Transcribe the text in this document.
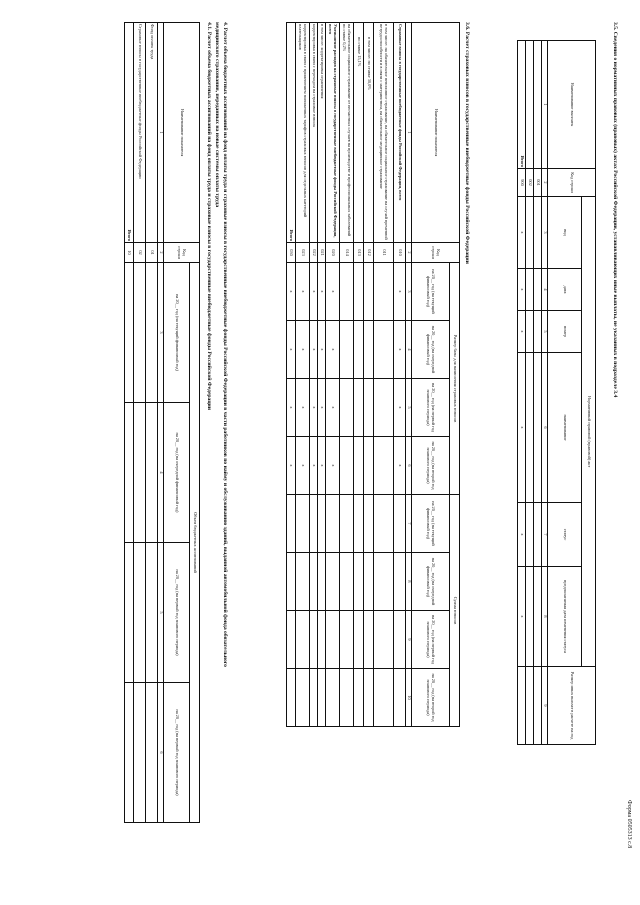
Форма 0505313 с.8
3.5. Сведения о нормативных правовых (правовых) актах Российской Федерации, устанавливающих иные выплаты, не указанных в подразделе 3.4
Наименование выплаты
Код строки
Нормативный правовой (правовой) акт
Размер иных выплат в расчете на год
вид
дата
номер
наименование
статус
предполагаемая дата изменения статуса
1
2
3
4
5
6
7
8
9
001
002
Итого
900
x
x
x
x
x
x
3.6. Расчет страховых взносов в государственные внебюджетные фонды Российской Федерации
Наименование показателя
Код строки
Размер базы для начисления страховых взносов
Сумма взносов
на 20__ год (на текущий финансовый год)
на 20__ год (на очередной финансовый год)
на 20__ год (на первый год планового периода)
на 20__ год (на второй год планового периода)
на 20__ год (на текущий финансовый год)
на 20__ год (на очередной финансовый год)
на 20__ год (на первый год планового периода)
на 20__ год (на второй год планового периода)
1
2
3
4
5
6
7
8
9
10
Страховые взносы в государственные внебюджетные фонды Российской Федерации, всего
010
x
x
x
x
в том числе: на обязательное пенсионное страхование, на обязательное социальное страхование на случай временной нетрудоспособности и в связи с материнством, на обязательное медицинское страхование
011
в том числе: по ставке 30,0%
012
по ставке 15,1%
013
на обязательное социальное страхование от несчастных случаев на производстве и профессиональных заболеваний по ставке 0,2%
014
Уменьшение расходов на страховые взносы в государственные внебюджетные фонды Российской Федерации, всего
020
x
x
x
x
в том числе: корректировка ограничения
021
x
x
x
x
корректировка в связи с переходом на страховые взносы
022
x
x
x
x
корректировка в связи с применением пониженных тарифов страховых взносов для отдельных категорий плательщиков
023
x
x
x
x
Итого
030
x
x
x
x
4. Расчет объема бюджетных ассигнований на фонд оплаты труда и страховые взносы в государственные внебюджетные фонды Российской Федерации в части работников по найму и обслуживанию зданий, выданной автомобильной фонда обязательного
медицинского страхования, переданных на новые системы оплаты труда
4.1. Расчет объема бюджетных ассигнований на фонд оплаты труда и страховые взносы в государственные внебюджетные фонды Российской Федерации
Наименование показателя
Код строки
Объем бюджетных ассигнований
на 20__ год (на текущий финансовый год)
на 20__ год (на очередной финансовый год)
на 20__ год (на первый год планового периода)
на 20__ год (на первый год планового периода)
1
2
3
4
5
6
Фонд оплаты труда
01
Страховые взносы в государственные внебюджетные фонды Российской Федерации
02
Итого
10
